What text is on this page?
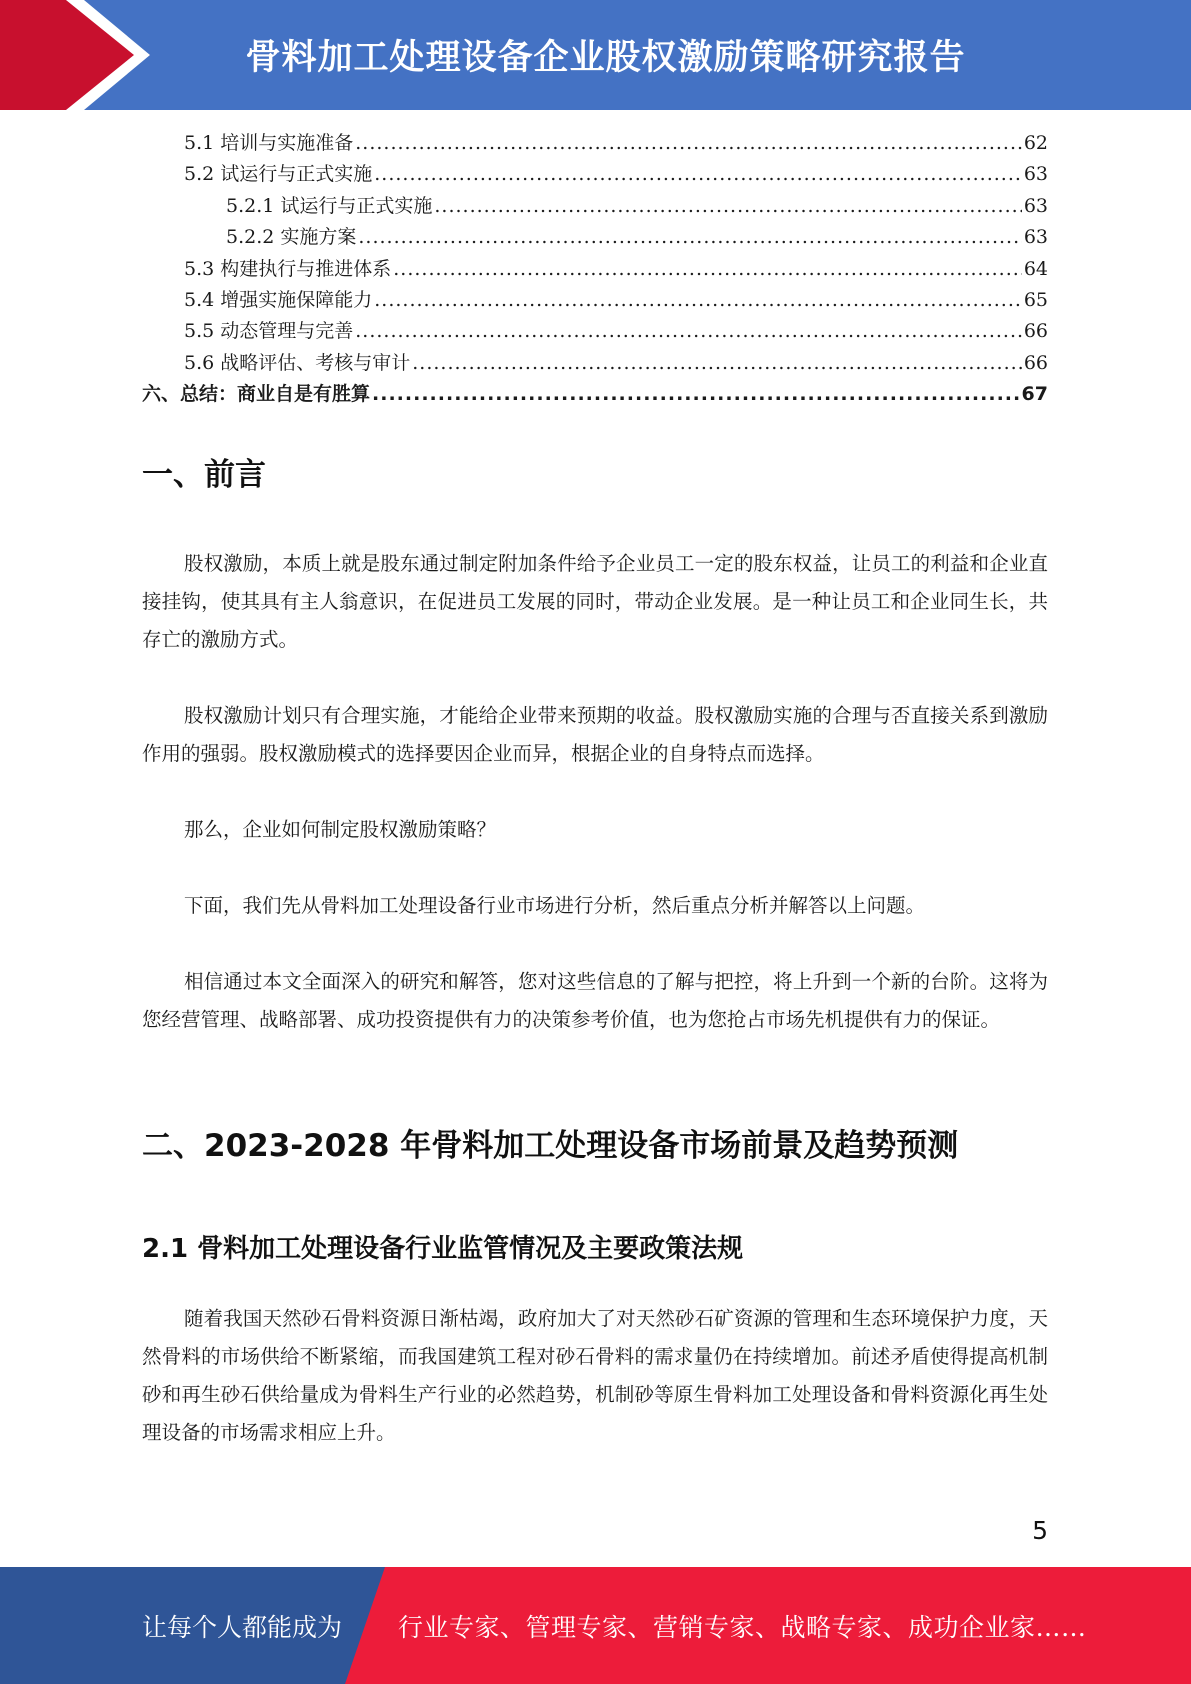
骨料加工处理设备企业股权激励策略研究报告
5.1 培训与实施准备 .....	62
5.2 试运行与正式实施 .....	63
5.2.1 试运行与正式实施 .....	63
5.2.2 实施方案 .....	63
5.3 构建执行与推进体系 .....	64
5.4 增强实施保障能力 .....	65
5.5 动态管理与完善 .....	66
5.6 战略评估、考核与审计 .....	66
六、总结：商业自是有胜算 .....	67
一、前言

股权激励，本质上就是股东通过制定附加条件给予企业员工一定的股东权益，让员工的利益和企业直接挂钩，使其具有主人翁意识，在促进员工发展的同时，带动企业发展。是一种让员工和企业同生长，共存亡的激励方式。

股权激励计划只有合理实施，才能给企业带来预期的收益。股权激励实施的合理与否直接关系到激励作用的强弱。股权激励模式的选择要因企业而异，根据企业的自身特点而选择。

那么，企业如何制定股权激励策略？

下面，我们先从骨料加工处理设备行业市场进行分析，然后重点分析并解答以上问题。

相信通过本文全面深入的研究和解答，您对这些信息的了解与把控，将上升到一个新的台阶。这将为您经营管理、战略部署、成功投资提供有力的决策参考价值，也为您抢占市场先机提供有力的保证。

二、2023-2028 年骨料加工处理设备市场前景及趋势预测
2.1 骨料加工处理设备行业监管情况及主要政策法规

随着我国天然砂石骨料资源日渐枯竭，政府加大了对天然砂石矿资源的管理和生态环境保护力度，天然骨料的市场供给不断紧缩，而我国建筑工程对砂石骨料的需求量仍在持续增加。前述矛盾使得提高机制砂和再生砂石供给量成为骨料生产行业的必然趋势，机制砂等原生骨料加工处理设备和骨料资源化再生处理设备的市场需求相应上升。

5
让每个人都能成为 行业专家、管理专家、营销专家、战略专家、成功企业家……
